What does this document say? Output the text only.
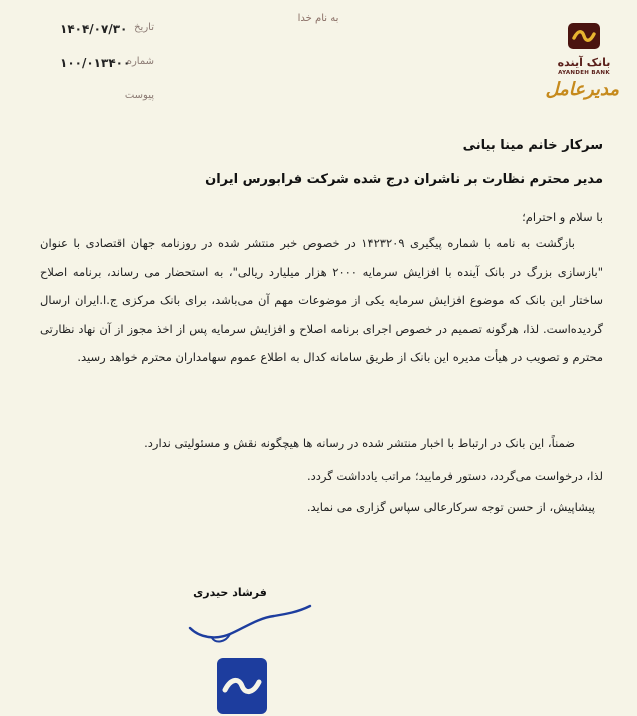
تاریخ
۱۴۰۴/۰۷/۳۰
شماره
۱۰۰/۰۱۳۴۰۰
پیوست
به نام خدا
بانک آینده
AYANDEH BANK
مدیرعامل
سرکار خانم مینا بیانی
مدیر محترم نظارت بر ناشران درج شده شرکت فرابورس ایران
با سلام و احترام؛
بازگشت به نامه با شماره پیگیری ۱۴۲۳۲۰۹ در خصوص خبر منتشر شده در روزنامه جهان اقتصادی با عنوان "بازسازی بزرگ در بانک آینده با افزایش سرمایه ۲۰۰۰ هزار میلیارد ریالی"، به استحضار می رساند، برنامه اصلاح ساختار این بانک که موضوع افزایش سرمایه یکی از موضوعات مهم آن می‌باشد، برای بانک مرکزی ج.ا.ایران ارسال گردیده‌است. لذا، هرگونه تصمیم در خصوص اجرای برنامه اصلاح و افزایش سرمایه پس از اخذ مجوز از آن نهاد نظارتی محترم و تصویب در هیأت مدیره این بانک از طریق سامانه کدال به اطلاع عموم سهامداران محترم خواهد رسید.
ضمناً، این بانک در ارتباط با اخبار منتشر شده در رسانه ها هیچگونه نقش و مسئولیتی ندارد.
لذا، درخواست می‌گردد، دستور فرمایید؛ مراتب یادداشت گردد.
پیشاپیش، از حسن توجه سرکارعالی سپاس گزاری می نماید.
فرشاد حیدری
